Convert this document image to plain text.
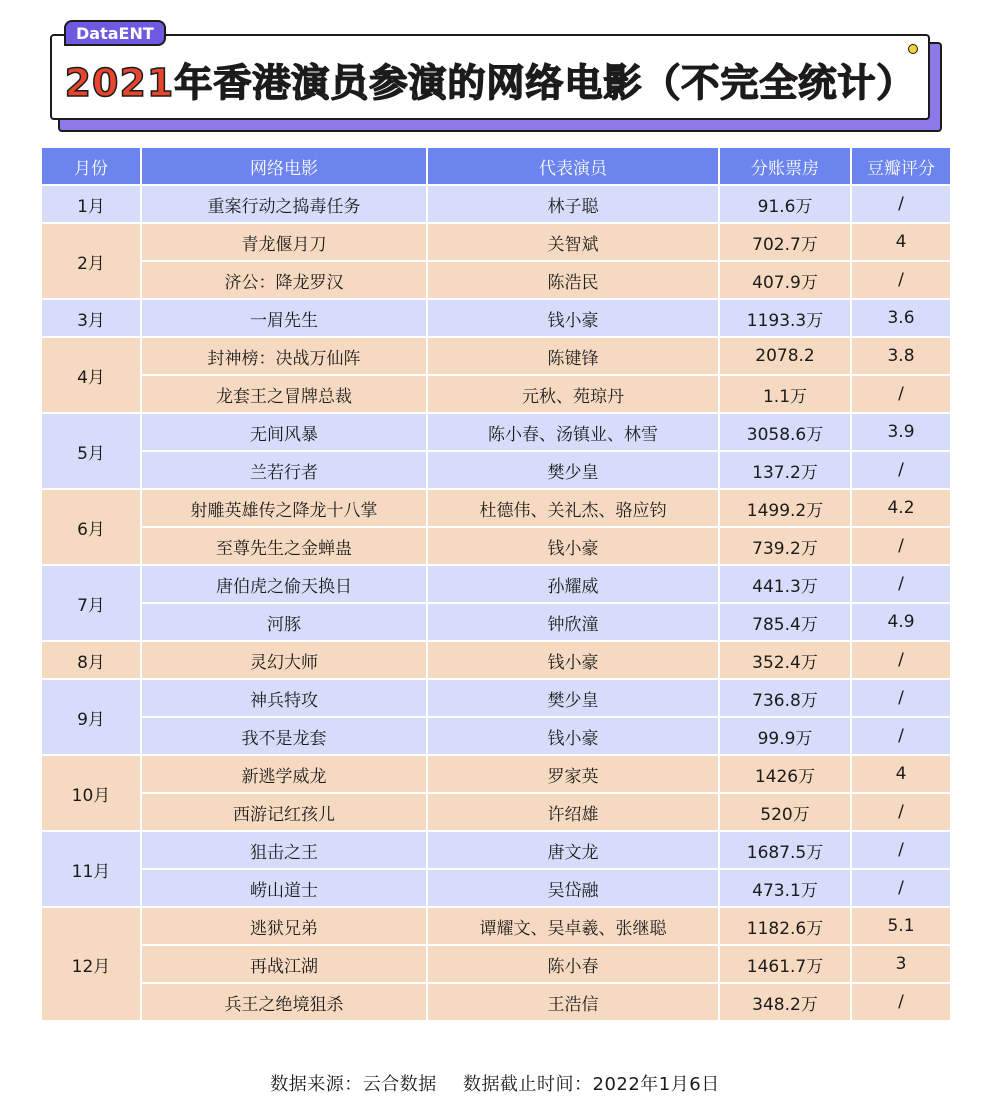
DataENT
2021年香港演员参演的网络电影（不完全统计）
月份	网络电影	代表演员	分账票房	豆瓣评分
1月	重案行动之捣毒任务	林子聪	91.6万	/
2月	青龙偃月刀	关智斌	702.7万	4
	济公：降龙罗汉	陈浩民	407.9万	/
3月	一眉先生	钱小豪	1193.3万	3.6
4月	封神榜：决战万仙阵	陈键锋	2078.2	3.8
	龙套王之冒牌总裁	元秋、苑琼丹	1.1万	/
5月	无间风暴	陈小春、汤镇业、林雪	3058.6万	3.9
	兰若行者	樊少皇	137.2万	/
6月	射雕英雄传之降龙十八掌	杜德伟、关礼杰、骆应钧	1499.2万	4.2
	至尊先生之金蝉蛊	钱小豪	739.2万	/
7月	唐伯虎之偷天换日	孙耀威	441.3万	/
	河豚	钟欣潼	785.4万	4.9
8月	灵幻大师	钱小豪	352.4万	/
9月	神兵特攻	樊少皇	736.8万	/
	我不是龙套	钱小豪	99.9万	/
10月	新逃学威龙	罗家英	1426万	4
	西游记红孩儿	许绍雄	520万	/
11月	狙击之王	唐文龙	1687.5万	/
	崂山道士	吴岱融	473.1万	/
12月	逃狱兄弟	谭耀文、吴卓羲、张继聪	1182.6万	5.1
	再战江湖	陈小春	1461.7万	3
	兵王之绝境狙杀	王浩信	348.2万	/
数据来源：云合数据 数据截止时间：2022年1月6日
